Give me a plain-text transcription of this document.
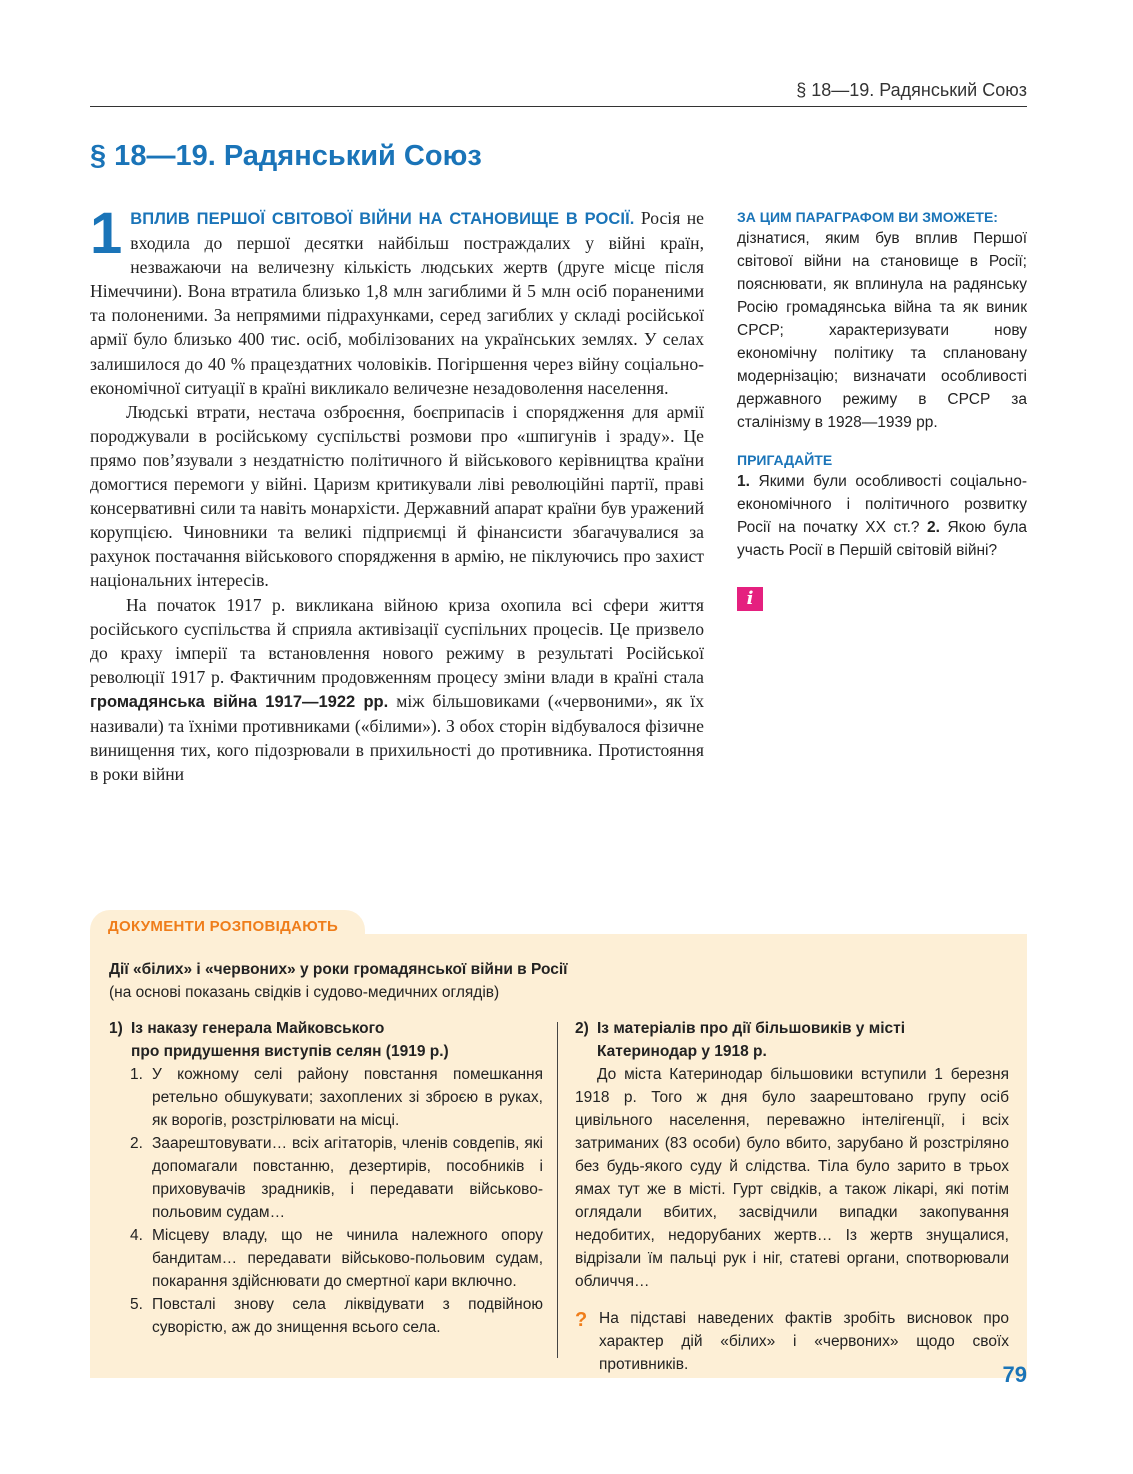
§ 18—19. Радянський Союз
§ 18—19. Радянський Союз

1 ВПЛИВ ПЕРШОЇ СВІТОВОЇ ВІЙНИ НА СТАНОВИЩЕ В РОСІЇ. Росія не входила до першої десятки найбільш постраждалих у війні країн, незважаючи на величезну кількість людських жертв (друге місце після Німеччини). Вона втратила близько 1,8 млн загиблими й 5 млн осіб пораненими та полоненими. За непрямими підрахунками, серед загиблих у складі російської армії було близько 400 тис. осіб, мобілізованих на українських землях. У селах залишилося до 40 % працездатних чоловіків. Погіршення через війну соціально-економічної ситуації в країні викликало величезне незадоволення населення.

Людські втрати, нестача озброєння, боєприпасів і спорядження для армії породжували в російському суспільстві розмови про «шпигунів і зраду». Це прямо пов’язували з нездатністю політичного й військового керівництва країни домогтися перемоги у війні. Царизм критикували ліві революційні партії, праві консервативні сили та навіть монархісти. Державний апарат країни був уражений корупцією. Чиновники та великі підприємці й фінансисти збагачувалися за рахунок постачання військового спорядження в армію, не піклуючись про захист національних інтересів.

На початок 1917 р. викликана війною криза охопила всі сфери життя російського суспільства й сприяла активізації суспільних процесів. Це призвело до краху імперії та встановлення нового режиму в результаті Російської революції 1917 р. Фактичним продовженням процесу зміни влади в країні стала громадянська війна 1917—1922 рр. між більшовиками («червоними», як їх називали) та їхніми противниками («білими»). З обох сторін відбувалося фізичне винищення тих, кого підозрювали в прихильності до противника. Протистояння в роки війни

ЗА ЦИМ ПАРАГРАФОМ ВИ ЗМОЖЕТЕ:

дізнатися, яким був вплив Першої світової війни на становище в Росії; пояснювати, як вплинула на радянську Росію громадянська війна та як виник СРСР; характеризувати нову економічну політику та сплановану модернізацію; визначати особливості державного режиму в СРСР за сталінізму в 1928—1939 рр.

ПРИГАДАЙТЕ

1. Якими були особливості соціально-економічного і політичного розвитку Росії на початку ХХ ст.? 2. Якою була участь Росії в Першій світовій війні?

i
ДОКУМЕНТИ РОЗПОВІДАЮТЬ
Дії «білих» і «червоних» у роки громадянської війни в Росії
(на основі показань свідків і судово-медичних оглядів)

1) Із наказу генерала Майковського

про придушення виступів селян (1919 р.)

1. У кожному селі району повстання помешкання ретельно обшукувати; захоплених зі зброєю в руках, як ворогів, розстрілювати на місці.
2. Заарештовувати… всіх агітаторів, членів совдепів, які допомагали повстанню, дезертирів, пособників і приховувачів зрадників, і передавати військово-польовим судам…
4. Місцеву владу, що не чинила належного опору бандитам… передавати військово-польовим судам, покарання здійснювати до смертної кари включно.
5. Повсталі знову села ліквідувати з подвійною суворістю, аж до знищення всього села.

2) Із матеріалів про дії більшовиків у місті

Катеринодар у 1918 р.

До міста Катеринодар більшовики вступили 1 березня 1918 р. Того ж дня було заарештовано групу осіб цивільного населення, переважно інтелігенції, і всіх затриманих (83 особи) було вбито, зарубано й розстріляно без будь-якого суду й слідства. Тіла було зарито в трьох ямах тут же в місті. Гурт свідків, а також лікарі, які потім оглядали вбитих, засвідчили випадки закопування недобитих, недорубаних жертв… Із жертв знущалися, відрізали їм пальці рук і ніг, статеві органи, спотворювали обличчя…

? На підставі наведених фактів зробіть висновок про характер дій «білих» і «червоних» щодо своїх противників.	79
